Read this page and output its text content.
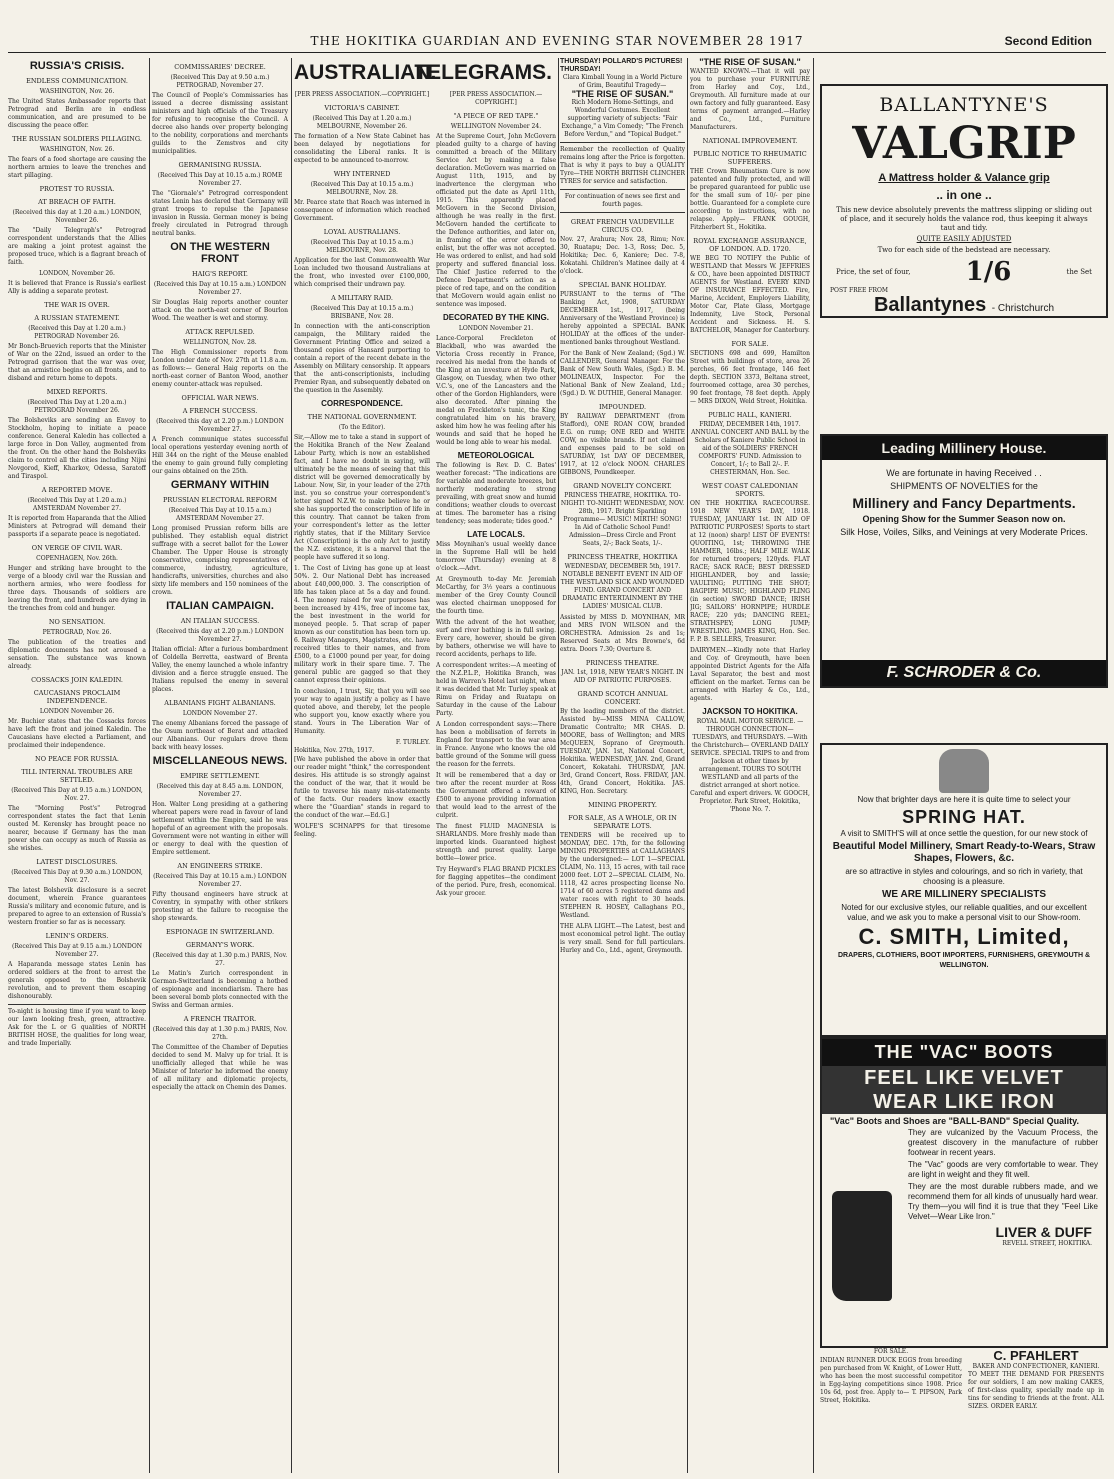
THE HOKITIKA GUARDIAN AND EVENING STAR NOVEMBER 28 1917	Second Edition
RUSSIA'S CRISIS.
ENDLESS COMMUNICATION.
WASHINGTON, Nov. 26.

The United States Ambassador reports that Petrograd and Berlin are in endless communication, and are presumed to be discussing the peace offer.

THE RUSSIAN SOLDIERS PILLAGING.
WASHINGTON, Nov. 26.

The fears of a food shortage are causing the northern armies to leave the trenches and start pillaging.

PROTEST TO RUSSIA.
AT BREACH OF FAITH.
(Received this day at 1.20 a.m.) LONDON, November 26.

The "Daily Telegraph's" Petrograd correspondent understands that the Allies are making a joint protest against the proposed truce, which is a flagrant breach of faith.

LONDON, November 26.

It is believed that France is Russia's earliest Ally is adding a separate protest.

THE WAR IS OVER.
A RUSSIAN STATEMENT.
(Received this Day at 1.20 a.m.) PETROGRAD November 26.

Mr Bonch-Bruevich reports that the Minister of War on the 22nd, issued an order to the Petrograd garrison that the war was over, that an armistice begins on all fronts, and to disband and return home to depots.

MIXED REPORTS.
(Received This Day at 1.20 a.m.) PETROGRAD November 26.

The Bolsheviks are sending an Envoy to Stockholm, hoping to initiate a peace conference. General Kaledin has collected a large force in Don Valley, augmented from the front. On the other hand the Bolsheviks claim to control all the cities including Nijni Novgorod, Kieff, Kharkov, Odessa, Saratoff and Tiraspol.

A REPORTED MOVE.
(Received This Day at 1.20 a.m.) AMSTERDAM November 27.

It is reported from Haparanda that the Allied Ministers at Petrograd will demand their passports if a separate peace is negotiated.

ON VERGE OF CIVIL WAR.
COPENHAGEN, Nov. 26th.

Hunger and striking have brought to the verge of a bloody civil war the Russian and northern armies, who were foodless for three days. Thousands of soldiers are leaving the front, and hundreds are dying in the trenches from cold and hunger.

NO SENSATION.
PETROGRAD, Nov. 26.

The publication of the treaties and diplomatic documents has not aroused a sensation. The substance was known already.

COSSACKS JOIN KALEDIN.
CAUCASIANS PROCLAIM INDEPENDENCE.
LONDON November 26.

Mr. Buchier states that the Cossacks forces have left the front and joined Kaledin. The Caucasians have elected a Parliament, and proclaimed their independence.

NO PEACE FOR RUSSIA.
TILL INTERNAL TROUBLES ARE SETTLED.
(Received This Day at 9.15 a.m.) LONDON, Nov. 27.

The "Morning Post's" Petrograd correspondent states the fact that Lenin ousted M. Kerensky has brought peace no nearer, because if Germany has the man power she can occupy as much of Russia as she wishes.

LATEST DISCLOSURES.
(Received This Day at 9.30 a.m.) LONDON, Nov. 27.

The latest Bolshevik disclosure is a secret document, wherein France guarantees Russia's military and economic future, and is prepared to agree to an extension of Russia's western frontier so far as is necessary.

LENIN'S ORDERS.
(Received This Day at 9.15 a.m.) LONDON November 27.

A Haparanda message states Lenin has ordered soldiers at the front to arrest the generals opposed to the Bolshevik revolution, and to prevent them escaping dishonourably.

To-night is housing time if you want to keep our lawn looking fresh, green, attractive. Ask for the L or G qualities of NORTH BRITISH HOSE, the qualities for long wear, and trade Imperially.

COMMISSARIES' DECREE.
(Received This Day at 9.50 a.m.) PETROGRAD, November 27.

The Council of People's Commissaries has issued a decree dismissing assistant ministers and high officials of the Treasury for refusing to recognise the Council. A decree also hands over property belonging to the nobility, corporations and merchants guilds to the Zemstvos and city municipalities.

GERMANISING RUSSIA.
(Received This Day at 10.15 a.m.) ROME November 27.

The "Giornale's" Petrograd correspondent states Lenin has declared that Germany will grant troops to repulse the Japanese invasion in Russia. German money is being freely circulated in Petrograd through neutral banks.

ON THE WESTERN FRONT
HAIG'S REPORT.
(Received this Day at 10.15 a.m.) LONDON November 27.

Sir Douglas Haig reports another counter attack on the north-east corner of Bourlon Wood. The weather is wet and stormy.

ATTACK REPULSED.
WELLINGTON, Nov. 28.

The High Commissioner reports from London under date of Nov. 27th at 11.8 a.m. as follows:— General Haig reports on the north-east corner of Banton Wood, another enemy counter-attack was repulsed.

OFFICIAL WAR NEWS.
A FRENCH SUCCESS.
(Received this day at 2.20 p.m.) LONDON November 27.

A French communique states successful local operations yesterday evening north of Hill 344 on the right of the Meuse enabled the enemy to gain ground fully completing our gains obtained on the 25th.

GERMANY WITHIN
PRUSSIAN ELECTORAL REFORM
(Received This Day at 10.15 a.m.) AMSTERDAM November 27.

Long promised Prussian reform bills are published. They establish equal district suffrage with a secret ballot for the Lower Chamber. The Upper House is strongly conservative, comprising representatives of commerce, industry, agriculture, handicrafts, universities, churches and also sixty life members and 150 nominees of the crown.

ITALIAN CAMPAIGN.
AN ITALIAN SUCCESS.
(Received this day at 2.20 p.m.) LONDON November 27.

Italian official: After a furious bombardment of Coldella Berretta, eastward of Brenta Valley, the enemy launched a whole infantry division and a fierce struggle ensued. The Italians repulsed the enemy in several places.

ALBANIANS FIGHT ALBANIANS.
LONDON November 27.

The enemy Albanians forced the passage of the Osum northeast of Berat and attacked our Albanians. Our regulars drove them back with heavy losses.

MISCELLANEOUS NEWS.
EMPIRE SETTLEMENT.
(Received this day at 8.45 a.m. LONDON, November 27.

Hon. Walter Long presiding at a gathering whereat papers were read in favour of land settlement within the Empire, said he was hopeful of an agreement with the proposals. Government were not wanting in either will or energy to deal with the question of Empire settlement.

AN ENGINEERS STRIKE.
(Received This Day at 10.15 a.m.) LONDON November 27.

Fifty thousand engineers have struck at Coventry, in sympathy with other strikers protesting at the failure to recognise the shop stewards.

ESPIONAGE IN SWITZERLAND.
GERMANY'S WORK.
(Received this day at 1.30 p.m.) PARIS, Nov. 27.

Le Matin's Zurich correspondent in German-Switzerland is becoming a hotbed of espionage and incendiarism. There has been several bomb plots connected with the Swiss and German armies.

A FRENCH TRAITOR.
(Received this day at 1.30 p.m.) PARIS, Nov. 27th.

The Committee of the Chamber of Deputies decided to send M. Malvy up for trial. It is unofficially alleged that while he was Minister of Interior he informed the enemy of all military and diplomatic projects, especially the attack on Chemin des Dames.

AUSTRALIAN.
TELEGRAMS.
[PER PRESS ASSOCIATION.—COPYRIGHT.]
VICTORIA'S CABINET.
(Received This Day at 1.20 a.m.) MELBOURNE, November 26.

The formation of a New State Cabinet has been delayed by negotiations for consolidating the Liberal ranks. It is expected to be announced to-morrow.

WHY INTERNED
(Received This Day at 10.15 a.m.) MELBOURNE, Nov. 28.

Mr. Pearce state that Roach was interned in consequence of information which reached Government.

LOYAL AUSTRALIANS.
(Received This Day at 10.15 a.m.) MELBOURNE, Nov. 28.

Application for the last Commonwealth War Loan included two thousand Australians at the front, who invested over £100,000, which comprised their undrawn pay.

A MILITARY RAID.
(Received This Day at 10.15 a.m.) BRISBANE, Nov. 28.

In connection with the anti-conscription campaign, the Military raided the Government Printing Office and seized a thousand copies of Hansard purporting to contain a report of the recent debate in the Assembly on Military censorship. It appears that the anti-conscriptionists, including Premier Ryan, and subsequently debated on the question in the Assembly.

CORRESPONDENCE.
THE NATIONAL GOVERNMENT.
(To the Editor).

Sir,—Allow me to take a stand in support of the Hokitika Branch of the New Zealand Labour Party, which is now an established fact, and I have no doubt in saying, will ultimately be the means of seeing that this district will be governed democratically by Labour. Now, Sir, in your leader of the 27th inst. you so construe your correspondent's letter signed N.Z.W. to make believe he or she has supported the conscription of life in this country. That cannot be taken from your correspondent's letter as the letter rightly states, that if the Military Service Act (Conscription) is the only Act to justify the N.Z. existence, it is a marvel that the people have suffered it so long.

1. The Cost of Living has gone up at least 50%. 2. Our National Debt has increased about £40,000,000. 3. The conscription of life has taken place at 5s a day and found. 4. The money raised for war purposes has been increased by 41%, free of income tax, the best investment in the world for moneyed people. 5. That scrap of paper known as our constitution has been torn up. 6. Railway Managers, Magistrates, etc. have received titles to their names, and from £500, to a £1000 pound per year, for doing military work in their spare time. 7. The general public are gagged so that they cannot express their opinions.

In conclusion, I trust, Sir, that you will see your way to again justify a policy as I have quoted above, and thereby, let the people who support you, know exactly where you stand. Yours in The Liberation War of Humanity.

F. TURLEY.
Hokitika, Nov. 27th, 1917.

[We have published the above in order that our reader might "think," the correspondent desires. His attitude is so strongly against the conduct of the war, that it would be futile to traverse his many mis-statements of the facts. Our readers know exactly where the "Guardian" stands in regard to the conduct of the war.—Ed.G.]

WOLFE'S SCHNAPPS for that tiresome feeling.

[PER PRESS ASSOCIATION.—COPYRIGHT.]
"A PIECE OF RED TAPE."
WELLINGTON November 24.

At the Supreme Court, John McGovern pleaded guilty to a charge of having committed a breach of the Military Service Act by making a false declaration. McGovern was married on August 11th, 1915, and by inadvertence the clergyman who officiated put the date as April 11th, 1915. This apparently placed McGovern in the Second Division, although he was really in the first. McGovern handed the certificate to the Defence authorities, and later on, in framing of the error offered to enlist, but the offer was not accepted. He was ordered to enlist, and had sold property and suffered financial loss. The Chief Justice referred to the Defence Department's action as a piece of red tape, and on the condition that McGovern would again enlist no sentence was imposed.

DECORATED BY THE KING.
LONDON November 21.

Lance-Corporal Freckleton of Blackball, who was awarded the Victoria Cross recently in France, received his medal from the hands of the King at an investure at Hyde Park, Glasgow, on Tuesday, when two other V.C.'s, one of the Lancasters and the other of the Gordon Highlanders, were also decorated. After pinning the medal on Freckleton's tunic, the King congratulated him on his bravery, asked him how he was feeling after his wounds and said that he hoped he would be long able to wear his medal.

METEOROLOGICAL

The following is Rev. D. C. Bates' weather forecast: "The indications are for variable and moderate breezes, but northerly moderating to strong prevailing, with great snow and humid conditions; weather clouds to overcast at times. The barometer has a rising tendency; seas moderate; tides good."

LATE LOCALS.

Miss Moynihan's usual weekly dance in the Supreme Hall will be held tomorrow (Thursday) evening at 8 o'clock.—Advt.

At Greymouth to-day Mr. Jeremiah McCarthy, for 3½ years a continuous member of the Grey County Council was elected chairman unopposed for the fourth time.

With the advent of the hot weather, surf and river bathing is in full swing. Every care, however, should be given by bathers, otherwise we will have to record accidents, perhaps to life.

A correspondent writes:—A meeting of the N.Z.P.L.P., Hokitika Branch, was held in Warren's Hotel last night, when it was decided that Mr. Turley speak at Rimu on Friday and Ruatapu on Saturday in the cause of the Labour Party.

A London correspondent says:—There has been a mobilisation of ferrets in England for transport to the war area in France. Anyone who knows the old battle ground of the Somme will guess the reason for the ferrets.

It will be remembered that a day or two after the recent murder at Ross the Government offered a reward of £500 to anyone providing information that would lead to the arrest of the culprit.

The finest FLUID MAGNESIA is SHARLANDS. More freshly made than imported kinds. Guaranteed highest strength and purest quality. Large bottle—lower price.

Try Heyward's FLAG BRAND PICKLES for flagging appetites—the condiment of the period. Pure, fresh, economical. Ask your grocer.

THURSDAY! POLLARD'S PICTURES! THURSDAY!
Clara Kimball Young in a World Picture of Grim, Beautiful Tragedy—
"THE RISE OF SUSAN."

Rich Modern Home-Settings, and Wonderful Costumes. Excellent supporting variety of subjects: "Fair Exchange," a Vim Comedy; "The French Before Verdun," and "Topical Budget."

Remember the recollection of Quality remains long after the Price is forgotten. That is why it pays to buy a QUALITY Tyre—THE NORTH BRITISH CLINCHER TYRES for service and satisfaction.

For continuation of news see first and fourth pages.

GREAT FRENCH VAUDEVILLE CIRCUS CO.

Nov. 27, Arahura; Nov. 28, Rimu; Nov. 30, Ruatapu; Dec. 1-3, Ross; Dec. 5, Hokitika; Dec. 6, Kaniere; Dec. 7-8, Kokatahi. Children's Matinee daily at 4 o'clock.

SPECIAL BANK HOLIDAY.

PURSUANT to the terms of "The Banking Act, 1908, SATURDAY DECEMBER 1st., 1917, (being Anniversary of the Westland Province) is hereby appointed a SPECIAL BANK HOLIDAY at the offices of the under-mentioned banks throughout Westland.

For the Bank of New Zealand; (Sgd.) W. CALLENDER, General Manager. For the Bank of New South Wales, (Sgd.) B. M. MOLINEAUX, Inspector. For the National Bank of New Zealand, Ltd.; (Sgd.) D. W. DUTHIE, General Manager.

IMPOUNDED.

BY RAILWAY DEPARTMENT (from Stafford), ONE ROAN COW, branded E.G. on rump; ONE RED and WHITE COW, no visible brands. If not claimed and expenses paid to be sold on SATURDAY, 1st DAY OF DECEMBER, 1917, at 12 o'clock NOON. CHARLES GIBBONS, Poundkeeper.

GRAND NOVELTY CONCERT.

PRINCESS THEATRE, HOKITIKA. TO-NIGHT! TO-NIGHT! WEDNESDAY, NOV. 28th, 1917. Bright Sparkling Programme— MUSIC! MIRTH! SONG! In Aid of Catholic School Fund! Admission—Dress Circle and Front Seats, 2/-; Back Seats, 1/-.

PRINCESS THEATRE, HOKITIKA

WEDNESDAY, DECEMBER 5th, 1917. NOTABLE BENEFIT EVENT IN AID OF THE WESTLAND SICK AND WOUNDED FUND. GRAND CONCERT AND DRAMATIC ENTERTAINMENT BY THE LADIES' MUSICAL CLUB.

Assisted by MISS D. MOYNIHAN, MR and MRS IVON WILSON and the ORCHESTRA. Admission 2s and 1s; Reserved Seats at Mrs Browne's, 6d extra. Doors 7.30; Overture 8.

PRINCESS THEATRE.

JAN. 1st, 1918, NEW YEAR'S NIGHT. IN AID OF PATRIOTIC PURPOSES.

GRAND SCOTCH ANNUAL CONCERT.

By the leading members of the district. Assisted by—MISS MINA CALLOW, Dramatic Contralto; MR CHAS. D. MOORE, bass of Wellington; and MRS McQUEEN, Soprano of Greymouth. TUESDAY, JAN. 1st, National Concert, Hokitika. WEDNESDAY, JAN. 2nd, Grand Concert, Kokatahi. THURSDAY, JAN. 3rd, Grand Concert, Ross. FRIDAY, JAN. 4th, Grand Concert, Hokitika. JAS. KING, Hon. Secretary.

MINING PROPERTY.
FOR SALE, AS A WHOLE, OR IN SEPARATE LOTS.

TENDERS will be received up to MONDAY, DEC. 17th, for the following MINING PROPERTIES at CALLAGHANS by the undersigned:— LOT 1—SPECIAL CLAIM, No. 113, 15 acres, with tail race 2000 feet. LOT 2—SPECIAL CLAIM, No. 1118, 42 acres prospecting license No. 1714 of 60 acres 5 registered dams and water races with right to 30 heads. STEPHEN R. HOSEY, Callaghans P.O., Westland.

THE ALFA LIGHT.—The Latest, best and most economical petrol light. The outlay is very small. Send for full particulars. Hurley and Co., Ltd., agent, Greymouth.

"THE RISE OF SUSAN."

WANTED KNOWN.—That it will pay you to purchase your FURNITURE from Harley and Coy., Ltd., Greymouth. All furniture made at our own factory and fully guaranteed. Easy terms of payment arranged.—Harley and Co., Ltd., Furniture Manufacturers.

NATIONAL IMPROVEMENT.
PUBLIC NOTICE TO RHEUMATIC SUFFERERS.

THE Crown Rheumatism Cure is now patented and fully protected, and will be prepared guaranteed for public use for the small sum of 10/- per pine bottle. Guaranteed for a complete cure according to instructions, with no relapse. Apply— FRANK GOUGH, Fitzherbert St., Hokitika.

ROYAL EXCHANGE ASSURANCE, OF LONDON. A.D. 1720.

WE BEG TO NOTIFY the Public of WESTLAND that Messrs W. JEFFRIES & CO., have been appointed DISTRICT AGENTS for Westland. EVERY KIND OF INSURANCE EFFECTED. Fire, Marine, Accident, Employers Liability, Motor Car, Plate Glass, Mortgage Indemnity, Live Stock, Personal Accident and Sickness. H. S. BATCHELOR, Manager for Canterbury.

FOR SALE.

SECTIONS 698 and 699, Hamilton Street with buildings of store, area 26 perches, 66 feet frontage, 146 feet depth. SECTION 3373, Beltana street, fourroomed cottage, area 30 perches, 90 feet frontage, 78 feet depth. Apply— MRS DIXON, Weld Street, Hokitika.

PUBLIC HALL, KANIERI.

FRIDAY, DECEMBER 14th, 1917. ANNUAL CONCERT AND BALL by the Scholars of Kaniere Public School in aid of the SOLDIERS' FRENCH COMFORTS' FUND. Admission to Concert, 1/-; to Ball 2/-. F. CHESTERMAN, Hon. Sec.

WEST COAST CALEDONIAN SPORTS.

ON THE HOKITIKA RACECOURSE. 1918 NEW YEAR'S DAY, 1918. TUESDAY, JANUARY 1st. IN AID OF PATRIOTIC PURPOSES! Sports to start at 12 (noon) sharp! LIST OF EVENTS! QUOITING, 1st; THROWING THE HAMMER, 16lbs.; HALF MILE WALK for returned troopers; 120yds. FLAT RACE; SACK RACE; BEST DRESSED HIGHLANDER, boy and lassie; VAULTING; PUTTING THE SHOT; BAGPIPE MUSIC; HIGHLAND FLING (in section) SWORD DANCE; IRISH JIG; SAILORS' HORNPIPE; HURDLE RACE; 220 yds; DANCING REEL; STRATHSPEY; LONG JUMP; WRESTLING. JAMES KING, Hon. Sec. F. P. B. SELLERS, Treasurer.

DAIRYMEN.—Kindly note that Harley and Coy. of Greymouth, have been appointed District Agents for the Alfa Laval Separator, the best and most efficient on the market. Terms can be arranged with Harley & Co., Ltd., agents.

JACKSON TO HOKITIKA.

ROYAL MAIL MOTOR SERVICE. —THROUGH CONNECTION— TUESDAYS, and THURSDAYS. —With the Christchurch— OVERLAND DAILY SERVICE. SPECIAL TRIPS to and from Jackson at other times by arrangement. TOURS TO SOUTH WESTLAND and all parts of the district arranged at short notice. Careful and expert drivers. W. GOOCH, Proprietor. Park Street, Hokitika, 'Phone No. 7.

BALLANTYNE'S
VALGRIP
A Mattress holder & Valance grip
.. in one ..

This new device absolutely prevents the mattress slipping or sliding out of place, and it securely holds the valance rod, thus keeping it always taut and tidy.

QUITE EASILY ADJUSTED

Two for each side of the bedstead are necessary.

Price, the set of four, 1/6	the Set
POST FREE FROM
Ballantynes - Christchurch
Leading Millinery House.

We are fortunate in having Received . .

SHIPMENTS OF NOVELTIES for the

Millinery and Fancy Departments.

Opening Show for the Summer Season now on.

Silk Hose, Voiles, Silks, and Veinings at very Moderate Prices.

F. SCHRODER & Co.

Now that brighter days are here it is quite time to select your

SPRING HAT.

A visit to SMITH'S will at once settle the question, for our new stock of

Beautiful Model Millinery, Smart Ready-to-Wears, Straw Shapes, Flowers, &c.

are so attractive in styles and colourings, and so rich in variety, that choosing is a pleasure.

WE ARE MILLINERY SPECIALISTS

Noted for our exclusive styles, our reliable qualities, and our excellent value, and we ask you to make a personal visit to our Show-room.

C. SMITH, Limited,

DRAPERS, CLOTHIERS, BOOT IMPORTERS, FURNISHERS, GREYMOUTH & WELLINGTON.

THE "VAC" BOOTS
FEEL LIKE VELVET
WEAR LIKE IRON

"Vac" Boots and Shoes are "BALL-BAND" Special Quality.

They are vulcanized by the Vacuum Process, the greatest discovery in the manufacture of rubber footwear in recent years.

The "Vac" goods are very comfortable to wear. They are light in weight and they fit well.

They are the most durable rubbers made, and we recommend them for all kinds of unusually hard wear. Try them—you will find it is true that they "Feel Like Velvet—Wear Like Iron."

LIVER & DUFF
REVELL STREET, HOKITIKA.
FOR SALE.

INDIAN RUNNER DUCK EGGS from breeding pen purchased from W. Knight, of Lower Hutt, who has been the most successful competitor in Egg-laying competitions since 1908. Price 10s 6d, post free. Apply to— T. PIPSON, Park Street, Hokitika.

C. PFAHLERT
BAKER AND CONFECTIONER, KANIERI.

TO MEET THE DEMAND FOR PRESENTS for our soldiers, I am now making CAKES, of first-class quality, specially made up in tins for sending to friends at the front. ALL SIZES. ORDER EARLY.
